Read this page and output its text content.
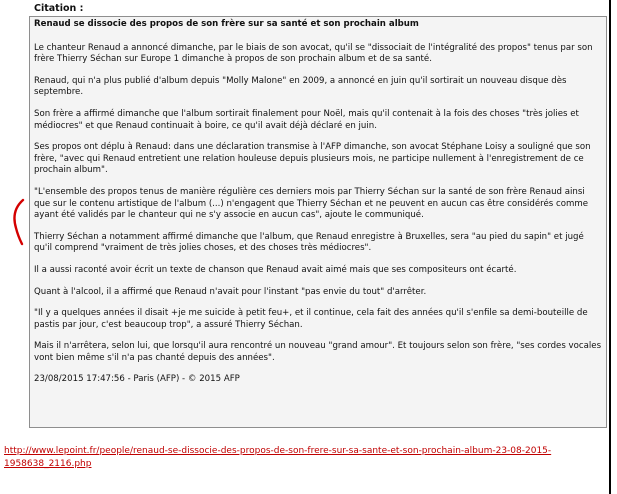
Citation :

Renaud se dissocie des propos de son frère sur sa santé et son prochain album

Le chanteur Renaud a annoncé dimanche, par le biais de son avocat, qu'il se "dissociait de l'intégralité des propos" tenus par son frère Thierry Séchan sur Europe 1 dimanche à propos de son prochain album et de sa santé.

Renaud, qui n'a plus publié d'album depuis "Molly Malone" en 2009, a annoncé en juin qu'il sortirait un nouveau disque dès septembre.

Son frère a affirmé dimanche que l'album sortirait finalement pour Noël, mais qu'il contenait à la fois des choses "très jolies et médiocres" et que Renaud continuait à boire, ce qu'il avait déjà déclaré en juin.

Ses propos ont déplu à Renaud: dans une déclaration transmise à l'AFP dimanche, son avocat Stéphane Loisy a souligné que son frère, "avec qui Renaud entretient une relation houleuse depuis plusieurs mois, ne participe nullement à l'enregistrement de ce prochain album".

"L'ensemble des propos tenus de manière régulière ces derniers mois par Thierry Séchan sur la santé de son frère Renaud ainsi que sur le contenu artistique de l'album (...) n'engagent que Thierry Séchan et ne peuvent en aucun cas être considérés comme ayant été validés par le chanteur qui ne s'y associe en aucun cas", ajoute le communiqué.

Thierry Séchan a notamment affirmé dimanche que l'album, que Renaud enregistre à Bruxelles, sera "au pied du sapin" et jugé qu'il comprend "vraiment de très jolies choses, et des choses très médiocres".

Il a aussi raconté avoir écrit un texte de chanson que Renaud avait aimé mais que ses compositeurs ont écarté.

Quant à l'alcool, il a affirmé que Renaud n'avait pour l'instant "pas envie du tout" d'arrêter.

"Il y a quelques années il disait +je me suicide à petit feu+, et il continue, cela fait des années qu'il s'enfile sa demi-bouteille de pastis par jour, c'est beaucoup trop", a assuré Thierry Séchan.

Mais il n'arrêtera, selon lui, que lorsqu'il aura rencontré un nouveau "grand amour". Et toujours selon son frère, "ses cordes vocales vont bien même s'il n'a pas chanté depuis des années".

23/08/2015 17:47:56 - Paris (AFP) - © 2015 AFP

http://www.lepoint.fr/people/renaud-se-dissocie-des-propos-de-son-frere-sur-sa-sante-et-son-prochain-album-23-08-2015-1958638_2116.php
